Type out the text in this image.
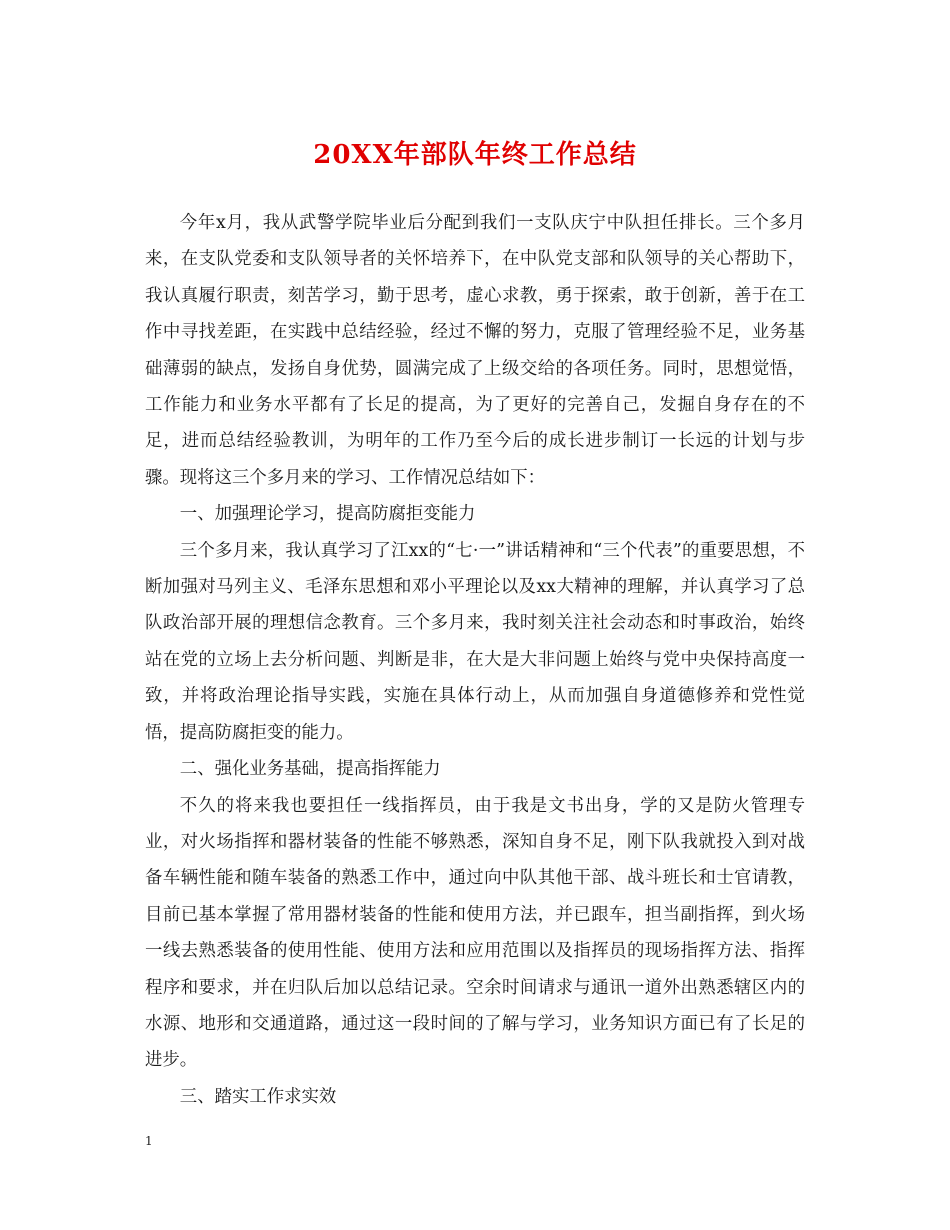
20XX年部队年终工作总结

今年x月，我从武警学院毕业后分配到我们一支队庆宁中队担任排长。三个多月来，在支队党委和支队领导者的关怀培养下，在中队党支部和队领导的关心帮助下，我认真履行职责，刻苦学习，勤于思考，虚心求教，勇于探索，敢于创新，善于在工作中寻找差距，在实践中总结经验，经过不懈的努力，克服了管理经验不足，业务基础薄弱的缺点，发扬自身优势，圆满完成了上级交给的各项任务。同时，思想觉悟，工作能力和业务水平都有了长足的提高，为了更好的完善自己，发掘自身存在的不足，进而总结经验教训，为明年的工作乃至今后的成长进步制订一长远的计划与步骤。现将这三个多月来的学习、工作情况总结如下：

一、加强理论学习，提高防腐拒变能力

三个多月来，我认真学习了江xx的“七·一”讲话精神和“三个代表”的重要思想，不断加强对马列主义、毛泽东思想和邓小平理论以及xx大精神的理解，并认真学习了总队政治部开展的理想信念教育。三个多月来，我时刻关注社会动态和时事政治，始终站在党的立场上去分析问题、判断是非，在大是大非问题上始终与党中央保持高度一致，并将政治理论指导实践，实施在具体行动上，从而加强自身道德修养和党性觉悟，提高防腐拒变的能力。

二、强化业务基础，提高指挥能力

不久的将来我也要担任一线指挥员，由于我是文书出身，学的又是防火管理专业，对火场指挥和器材装备的性能不够熟悉，深知自身不足，刚下队我就投入到对战备车辆性能和随车装备的熟悉工作中，通过向中队其他干部、战斗班长和士官请教，目前已基本掌握了常用器材装备的性能和使用方法，并已跟车，担当副指挥，到火场一线去熟悉装备的使用性能、使用方法和应用范围以及指挥员的现场指挥方法、指挥程序和要求，并在归队后加以总结记录。空余时间请求与通讯一道外出熟悉辖区内的水源、地形和交通道路，通过这一段时间的了解与学习，业务知识方面已有了长足的进步。

三、踏实工作求实效

1
